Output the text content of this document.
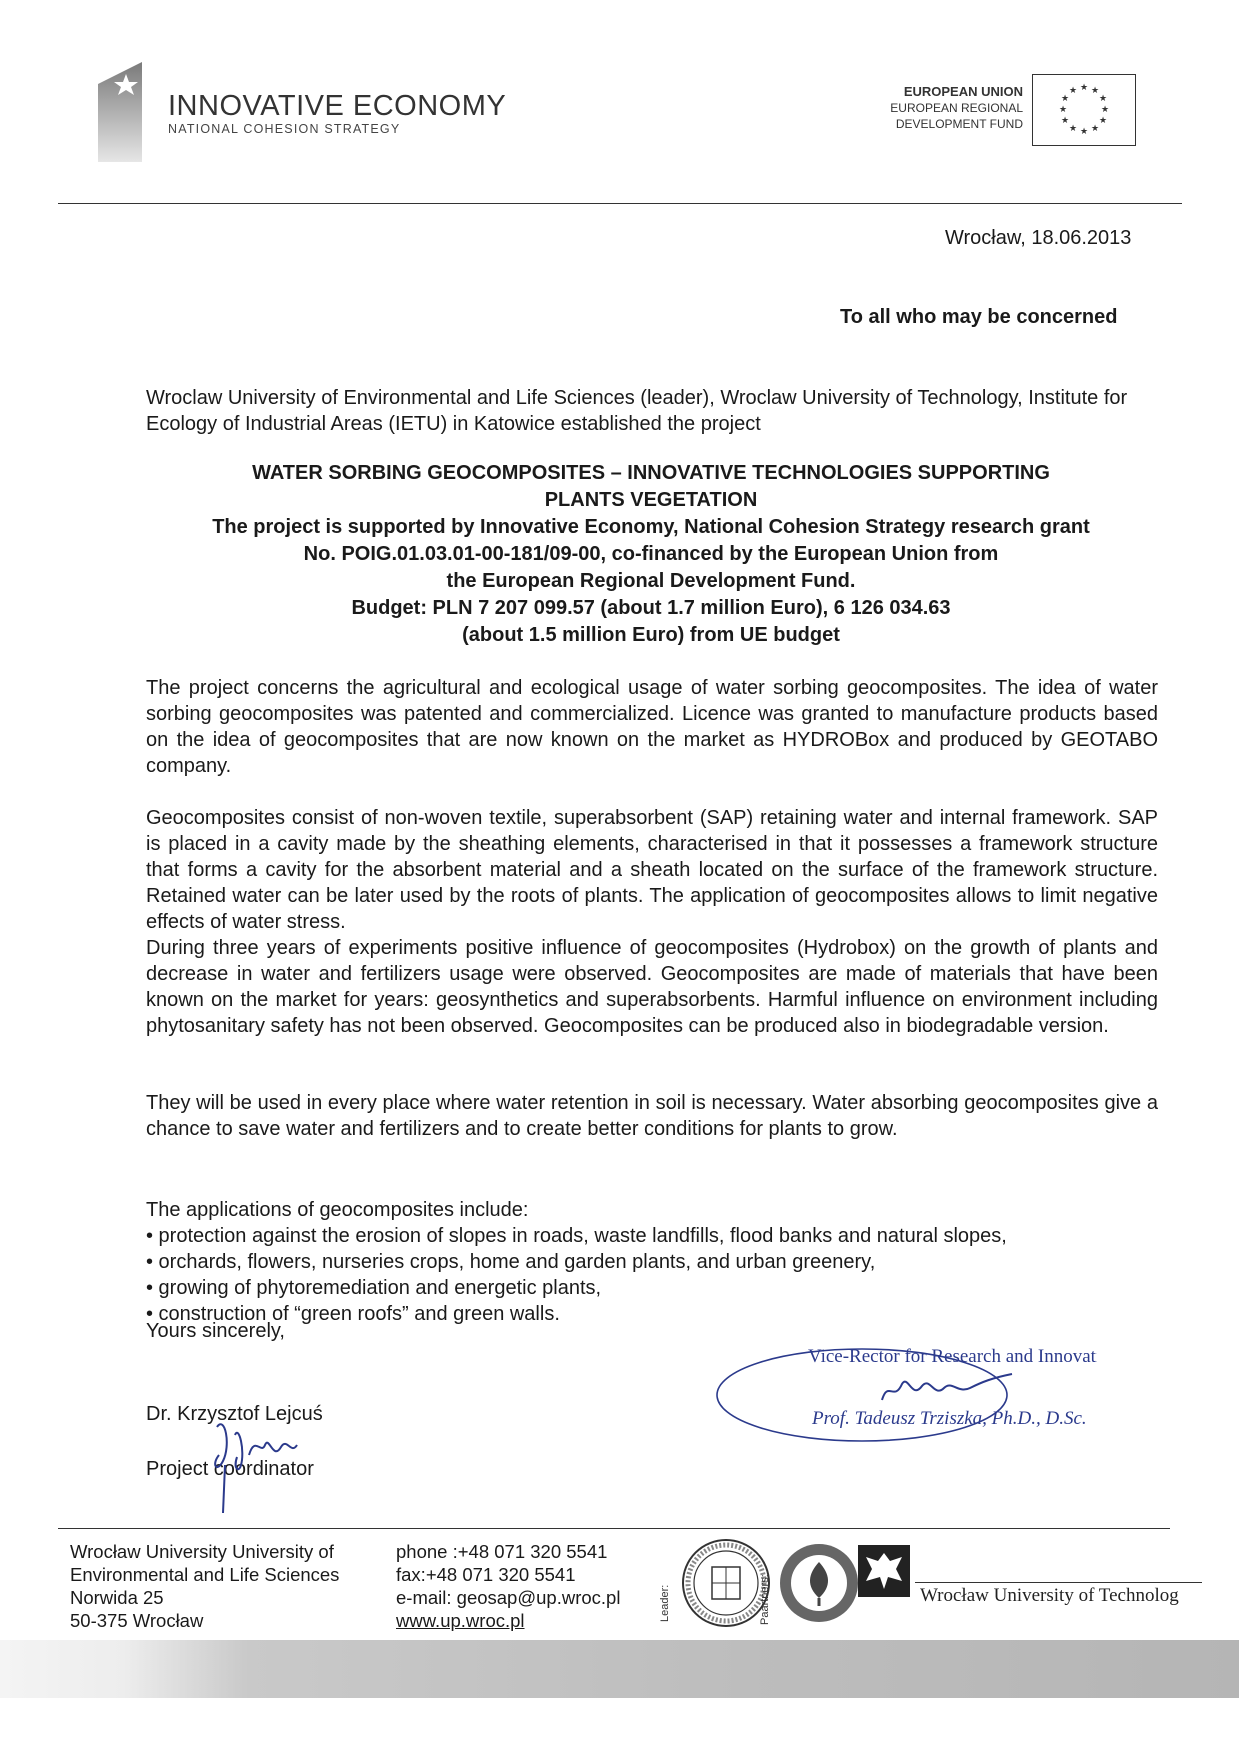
INNOVATIVE ECONOMY
NATIONAL COHESION STRATEGY
EUROPEAN UNION
EUROPEAN REGIONAL
DEVELOPMENT FUND
★ ★
★
★
★
★
★
★
★
★
★
★
Wrocław, 18.06.2013
To all who may be concerned
Wroclaw University of Environmental and Life Sciences (leader), Wroclaw University of Technology, Institute for Ecology of Industrial Areas (IETU) in Katowice established the project
WATER SORBING GEOCOMPOSITES – INNOVATIVE TECHNOLOGIES SUPPORTING
PLANTS VEGETATION
The project is supported by Innovative Economy, National Cohesion Strategy research grant
No. POIG.01.03.01-00-181/09-00, co-financed by the European Union from
the European Regional Development Fund.
Budget: PLN 7 207 099.57 (about 1.7 million Euro), 6 126 034.63
(about 1.5 million Euro) from UE budget
The project concerns the agricultural and ecological usage of water sorbing geocomposites. The idea of water sorbing geocomposites was patented and commercialized. Licence was granted to manufacture products based on the idea of geocomposites that are now known on the market as HYDROBox and produced by GEOTABO company.
Geocomposites consist of non-woven textile, superabsorbent (SAP) retaining water and internal framework. SAP is placed in a cavity made by the sheathing elements, characterised in that it possesses a framework structure that forms a cavity for the absorbent material and a sheath located on the surface of the framework structure. Retained water can be later used by the roots of plants. The application of geocomposites allows to limit negative effects of water stress.
During three years of experiments positive influence of geocomposites (Hydrobox) on the growth of plants and decrease in water and fertilizers usage were observed. Geocomposites are made of materials that have been known on the market for years: geosynthetics and superabsorbents. Harmful influence on environment including phytosanitary safety has not been observed. Geocomposites can be produced also in biodegradable version.
They will be used in every place where water retention in soil is necessary. Water absorbing geocomposites give a chance to save water and fertilizers and to create better conditions for plants to grow.
The applications of geocomposites include:
• protection against the erosion of slopes in roads, waste landfills, flood banks and natural slopes,
• orchards, flowers, nurseries crops, home and garden plants, and urban greenery,
• growing of phytoremediation and energetic plants,
• construction of “green roofs” and green walls.
Yours sincerely,
Dr. Krzysztof Lejcuś
Project coordinator
Vice-Rector for Research and Innovation
Prof. Tadeusz Trziszka, Ph.D., D.Sc.
Wrocław University University of
Environmental and Life Sciences
Norwida 25
50-375 Wrocław
phone :+48 071 320 5541
fax:+48 071 320 5541
e-mail: geosap@up.wroc.pl
www.up.wroc.pl	Leader:	Paartners:	Wrocław University of Technolog
